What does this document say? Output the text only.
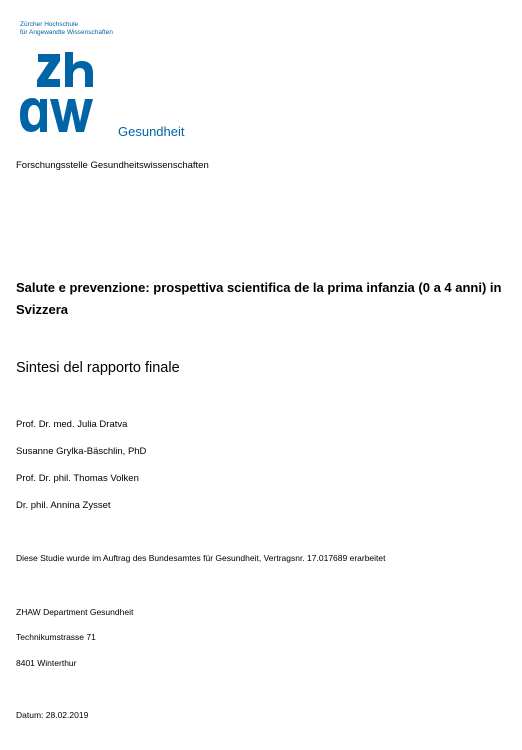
Zürcher Hochschule
für Angewandte Wissenschaften
Gesundheit
Forschungsstelle Gesundheitswissenschaften
Salute e prevenzione: prospettiva scientifica de la prima infanzia (0 a 4 anni) in Svizzera
Sintesi del rapporto finale
Prof. Dr. med. Julia Dratva
Susanne Grylka-Bäschlin, PhD
Prof. Dr. phil. Thomas Volken
Dr. phil. Annina Zysset
Diese Studie wurde im Auftrag des Bundesamtes für Gesundheit, Vertragsnr. 17.017689 erarbeitet
ZHAW Department Gesundheit
Technikumstrasse 71
8401 Winterthur
Datum: 28.02.2019
